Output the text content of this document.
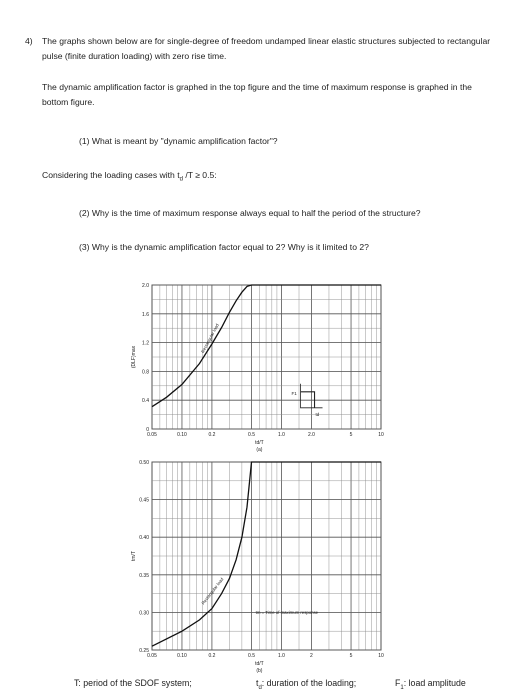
4) The graphs shown below are for single-degree of freedom undamped linear elastic structures subjected to rectangular pulse (finite duration loading) with zero rise time.
The dynamic amplification factor is graphed in the top figure and the time of maximum response is graphed in the bottom figure.
(1) What is meant by "dynamic amplification factor"?
Considering the loading cases with $t_d$ /T ≥ 0.5:
(2) Why is the time of maximum response always equal to half the period of the structure?
(3) Why is the dynamic amplification factor equal to 2? Why is it limited to 2?
0
0.4
0.8
1.2
1.6
2.0
0.05	0.10	0.2	0.5	1.0	2.0	5	10
td/T
(a)
(DLF)max
Rectangular load
F1
td
0.25
0.30
0.35
0.40
0.45
0.50
0.05	0.10	0.2	0.5	1.0	2	5	10
td/T
(b)
tm/T
Rectangular load
tm = Time of maximum response
T: period of the SDOF system;	$t_d$: duration of the loading;	$F_1$: load amplitude
